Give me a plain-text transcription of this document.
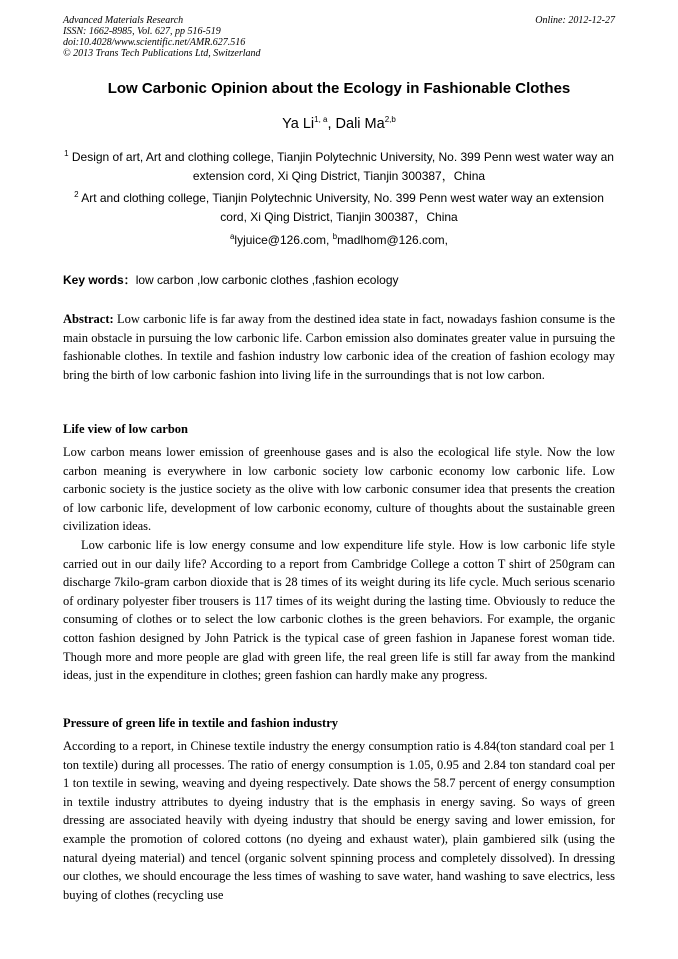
Advanced Materials Research
ISSN: 1662-8985, Vol. 627, pp 516-519
doi:10.4028/www.scientific.net/AMR.627.516
© 2013 Trans Tech Publications Ltd, Switzerland
Online: 2012-12-27
Low Carbonic Opinion about the Ecology in Fashionable Clothes
Ya Li$^{1, a}$, Dali Ma$^{2,b}$
$^1$ Design of art, Art and clothing college, Tianjin Polytechnic University, No. 399 Penn west water way an extension cord, Xi Qing District, Tianjin 300387，China
$^2$ Art and clothing college, Tianjin Polytechnic University, No. 399 Penn west water way an extension cord, Xi Qing District, Tianjin 300387，China
$^a$lyjuice@126.com, $^b$madlhom@126.com,
Key words：low carbon ,low carbonic clothes ,fashion ecology

Abstract: Low carbonic life is far away from the destined idea state in fact, nowadays fashion consume is the main obstacle in pursuing the low carbonic life. Carbon emission also dominates greater value in pursuing the fashionable clothes. In textile and fashion industry low carbonic idea of the creation of fashion ecology may bring the birth of low carbonic fashion into living life in the surroundings that is not low carbon.

Life view of low carbon

Low carbon means lower emission of greenhouse gases and is also the ecological life style. Now the low carbon meaning is everywhere in low carbonic society low carbonic economy low carbonic life. Low carbonic society is the justice society as the olive with low carbonic consumer idea that presents the creation of low carbonic life, development of low carbonic economy, culture of thoughts about the sustainable green civilization ideas.

Low carbonic life is low energy consume and low expenditure life style. How is low carbonic life style carried out in our daily life? According to a report from Cambridge College a cotton T shirt of 250gram can discharge 7kilo-gram carbon dioxide that is 28 times of its weight during its life cycle. Much serious scenario of ordinary polyester fiber trousers is 117 times of its weight during the lasting time. Obviously to reduce the consuming of clothes or to select the low carbonic clothes is the green behaviors. For example, the organic cotton fashion designed by John Patrick is the typical case of green fashion in Japanese forest woman tide. Though more and more people are glad with green life, the real green life is still far away from the mankind ideas, just in the expenditure in clothes; green fashion can hardly make any progress.

Pressure of green life in textile and fashion industry

According to a report, in Chinese textile industry the energy consumption ratio is 4.84(ton standard coal per 1 ton textile) during all processes. The ratio of energy consumption is 1.05, 0.95 and 2.84 ton standard coal per 1 ton textile in sewing, weaving and dyeing respectively. Date shows the 58.7 percent of energy consumption in textile industry attributes to dyeing industry that is the emphasis in energy saving. So ways of green dressing are associated heavily with dyeing industry that should be energy saving and lower emission, for example the promotion of colored cottons (no dyeing and exhaust water), plain gambiered silk (using the natural dyeing material) and tencel (organic solvent spinning process and completely dissolved). In dressing our clothes, we should encourage the less times of washing to save water, hand washing to save electrics, less buying of clothes (recycling use
